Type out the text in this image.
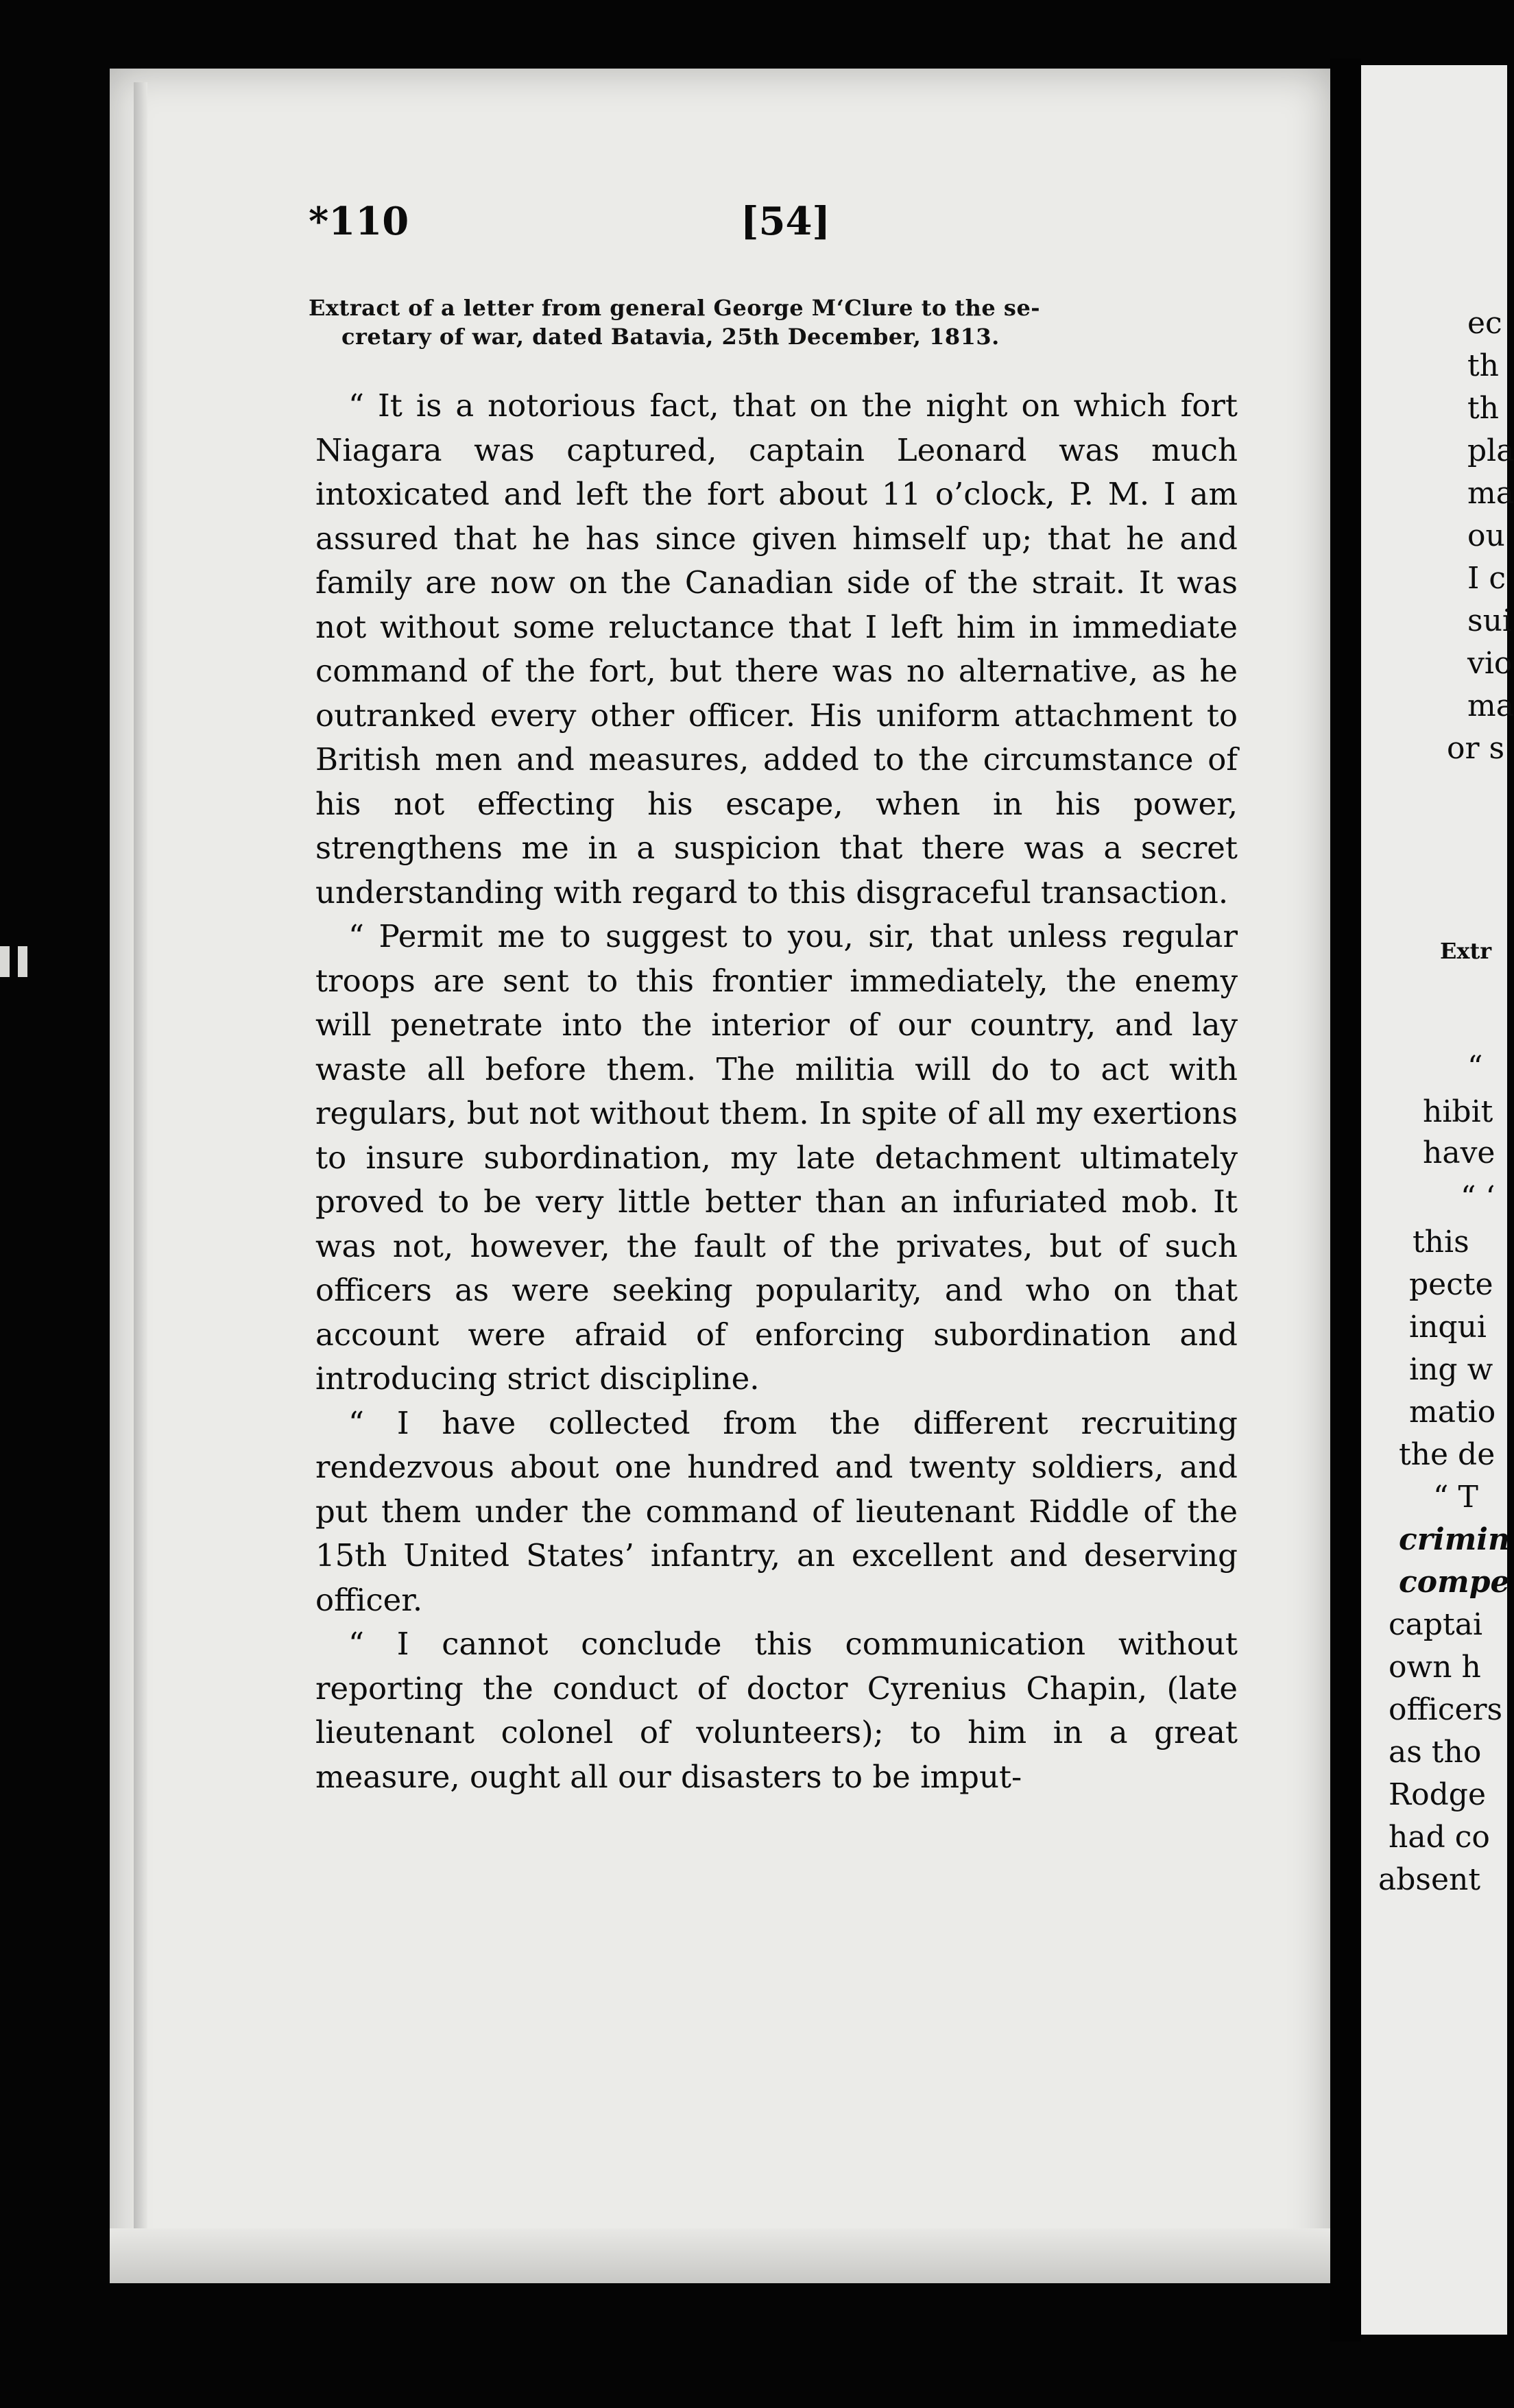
*110	[54]
Extract of a letter from general George M‘Clure to the se-
cretary of war, dated Batavia, 25th December, 1813.

“ It is a notorious fact, that on the night on which fort Niagara was captured, captain Leonard was much intoxicated and left the fort about 11 o’clock, P. M. I am assured that he has since given himself up; that he and family are now on the Canadian side of the strait. It was not without some reluctance that I left him in immediate command of the fort, but there was no alternative, as he outranked every other officer. His uniform attachment to British men and measures, added to the circumstance of his not effecting his escape, when in his power, strengthens me in a suspicion that there was a secret understanding with regard to this disgraceful transaction.

“ Permit me to suggest to you, sir, that unless regular troops are sent to this frontier immediately, the enemy will penetrate into the interior of our country, and lay waste all before them. The militia will do to act with regulars, but not without them. In spite of all my exertions to insure subordination, my late detachment ultimately proved to be very little better than an infuriated mob. It was not, however, the fault of the privates, but of such officers as were seeking popularity, and who on that account were afraid of enforcing subordination and introducing strict discipline.

“ I have collected from the different recruiting rendezvous about one hundred and twenty soldiers, and put them under the command of lieutenant Riddle of the 15th United States’ infantry, an excellent and deserving officer.

“ I cannot conclude this communication without reporting the conduct of doctor Cyrenius Chapin, (late lieutenant colonel of volunteers); to him in a great measure, ought all our disasters to be imput-

ec
th
th
pla
ma
ou
I c
sui
vio
ma
or s
Extr
“
hibit
have
“ ‘
this
pecte
inqui
ing w
matio
the de
“ T
crimin
compe
captai
own h
officers
as tho
Rodge
had co
absent
